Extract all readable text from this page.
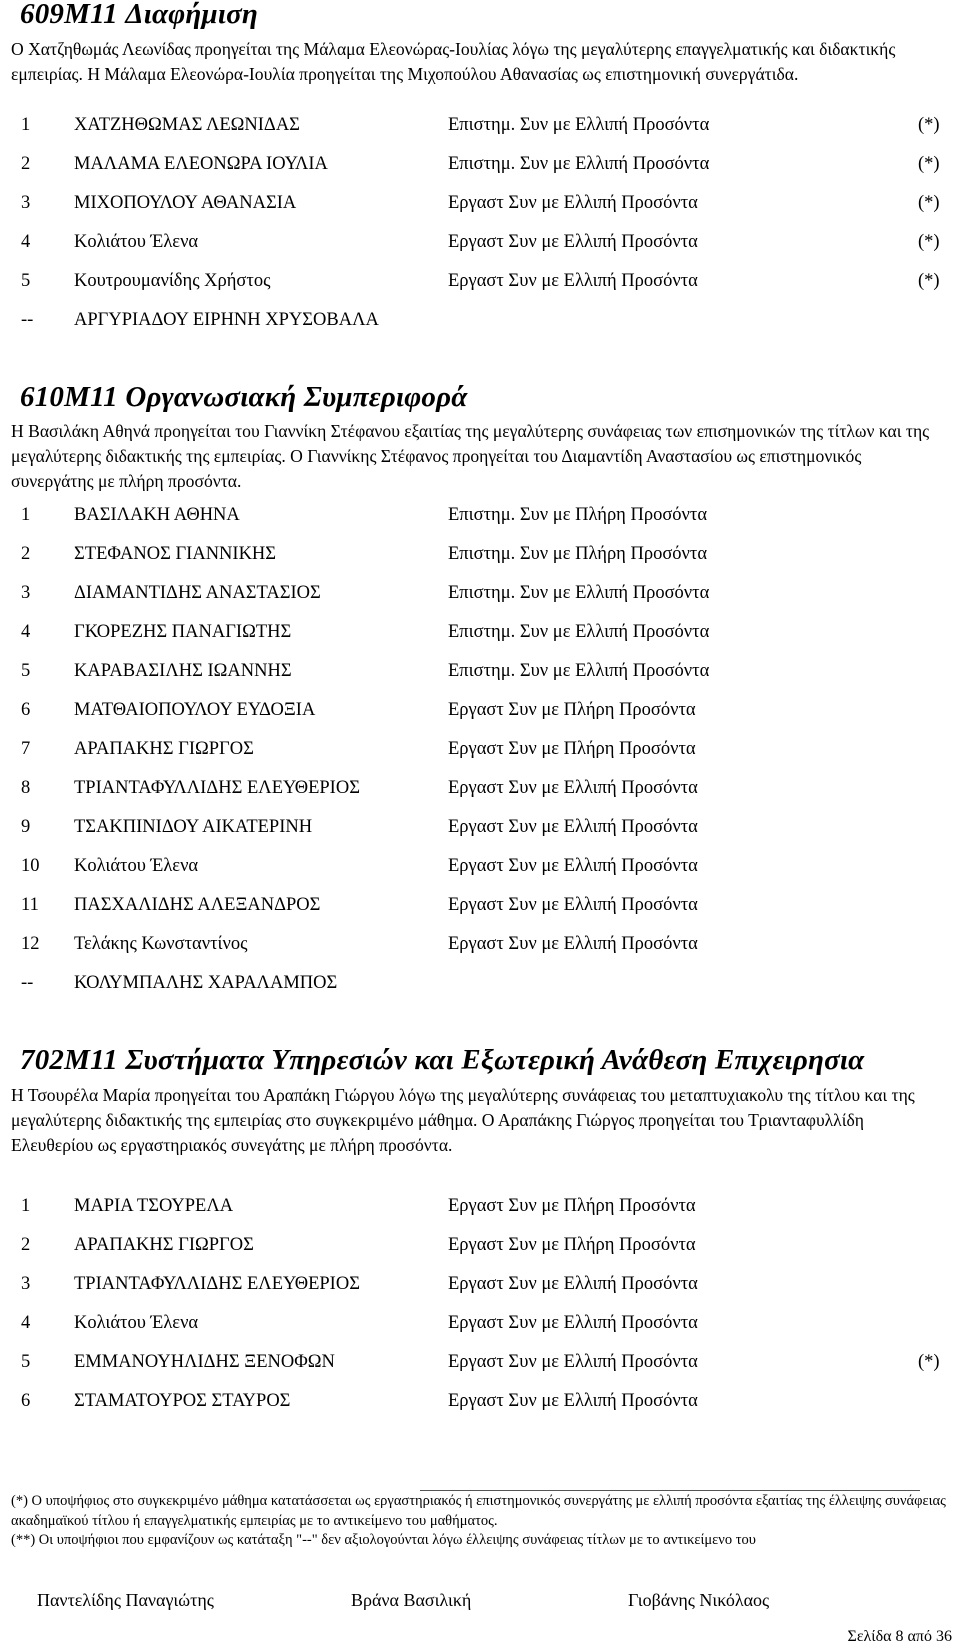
609M11 Διαφήμιση

Ο Χατζηθωμάς Λεωνίδας προηγείται της Μάλαμα Ελεονώρας-Ιουλίας λόγω της μεγαλύτερης επαγγελματικής και διδακτικής εμπειρίας. Η Μάλαμα Ελεονώρα-Ιουλία προηγείται της Μιχοπούλου Αθανασίας ως επιστημονική συνεργάτιδα.

1 ΧΑΤΖΗΘΩΜΑΣ ΛΕΩΝΙΔΑΣ	Επιστημ. Συν με Ελλιπή Προσόντα	(*)
2 ΜΑΛΑΜΑ ΕΛΕΟΝΩΡΑ ΙΟΥΛΙΑ	Επιστημ. Συν με Ελλιπή Προσόντα	(*)
3 ΜΙΧΟΠΟΥΛΟΥ ΑΘΑΝΑΣΙΑ	Εργαστ Συν με Ελλιπή Προσόντα	(*)
4 Κολιάτου Έλενα	Εργαστ Συν με Ελλιπή Προσόντα	(*)
5 Κουτρουμανίδης Χρήστος	Εργαστ Συν με Ελλιπή Προσόντα	(*)
-- ΑΡΓΥΡΙΑΔΟΥ ΕΙΡΗΝΗ ΧΡΥΣΟΒΑΛΑ
610M11 Οργανωσιακή Συμπεριφορά

Η Βασιλάκη Αθηνά προηγείται του Γιαννίκη Στέφανου εξαιτίας της μεγαλύτερης συνάφειας των επισημονικών της τίτλων και της μεγαλύτερης διδακτικής της εμπειρίας. Ο Γιαννίκης Στέφανος προηγείται του Διαμαντίδη Αναστασίου ως επιστημονικός συνεργάτης με πλήρη προσόντα.

1 ΒΑΣΙΛΑΚΗ ΑΘΗΝΑ	Επιστημ. Συν με Πλήρη Προσόντα
2 ΣΤΕΦΑΝΟΣ ΓΙΑΝΝΙΚΗΣ	Επιστημ. Συν με Πλήρη Προσόντα
3 ΔΙΑΜΑΝΤΙΔΗΣ ΑΝΑΣΤΑΣΙΟΣ	Επιστημ. Συν με Ελλιπή Προσόντα
4 ΓΚΟΡΕΖΗΣ ΠΑΝΑΓΙΩΤΗΣ	Επιστημ. Συν με Ελλιπή Προσόντα
5 ΚΑΡΑΒΑΣΙΛΗΣ ΙΩΑΝΝΗΣ	Επιστημ. Συν με Ελλιπή Προσόντα
6 ΜΑΤΘΑΙΟΠΟΥΛΟΥ ΕΥΔΟΞΙΑ	Εργαστ Συν με Πλήρη Προσόντα
7 ΑΡΑΠΑΚΗΣ ΓΙΩΡΓΟΣ	Εργαστ Συν με Πλήρη Προσόντα
8 ΤΡΙΑΝΤΑΦΥΛΛΙΔΗΣ ΕΛΕΥΘΕΡΙΟΣ	Εργαστ Συν με Ελλιπή Προσόντα
9 ΤΣΑΚΠΙΝΙΔΟΥ ΑΙΚΑΤΕΡΙΝΗ	Εργαστ Συν με Ελλιπή Προσόντα
10 Κολιάτου Έλενα	Εργαστ Συν με Ελλιπή Προσόντα
11 ΠΑΣΧΑΛΙΔΗΣ ΑΛΕΞΑΝΔΡΟΣ	Εργαστ Συν με Ελλιπή Προσόντα
12 Τελάκης Κωνσταντίνος	Εργαστ Συν με Ελλιπή Προσόντα
-- ΚΟΛΥΜΠΑΛΗΣ ΧΑΡΑΛΑΜΠΟΣ
702M11 Συστήματα Υπηρεσιών και Εξωτερική Ανάθεση Επιχειρησια

Η Τσουρέλα Μαρία προηγείται του Αραπάκη Γιώργου λόγω της μεγαλύτερης συνάφειας του μεταπτυχιακολυ της τίτλου και της μεγαλύτερης διδακτικής της εμπειρίας στο συγκεκριμένο μάθημα. Ο Αραπάκης Γιώργος προηγείται του Τριανταφυλλίδη Ελευθερίου ως εργαστηριακός συνεγάτης με πλήρη προσόντα.

1 ΜΑΡΙΑ ΤΣΟΥΡΕΛΑ	Εργαστ Συν με Πλήρη Προσόντα
2 ΑΡΑΠΑΚΗΣ ΓΙΩΡΓΟΣ	Εργαστ Συν με Πλήρη Προσόντα
3 ΤΡΙΑΝΤΑΦΥΛΛΙΔΗΣ ΕΛΕΥΘΕΡΙΟΣ	Εργαστ Συν με Ελλιπή Προσόντα
4 Κολιάτου Έλενα	Εργαστ Συν με Ελλιπή Προσόντα
5 ΕΜΜΑΝΟΥΗΛΙΔΗΣ ΞΕΝΟΦΩΝ	Εργαστ Συν με Ελλιπή Προσόντα	(*)
6 ΣΤΑΜΑΤΟΥΡΟΣ ΣΤΑΥΡΟΣ	Εργαστ Συν με Ελλιπή Προσόντα

(*) Ο υποψήφιος στο συγκεκριμένο μάθημα κατατάσσεται ως εργαστηριακός ή επιστημονικός συνεργάτης με ελλιπή προσόντα εξαιτίας της έλλειψης συνάφειας ακαδημαϊκού τίτλου ή επαγγελματικής εμπειρίας με το αντικείμενο του μαθήματος.

(**) Οι υποψήφιοι που εμφανίζουν ως κατάταξη "--" δεν αξιολογούνται λόγω έλλειψης συνάφειας τίτλων με το αντικείμενο του

Παντελίδης Παναγιώτης	Βράνα Βασιλική	Γιοβάνης Νικόλαος
Σελίδα 8 από 36
